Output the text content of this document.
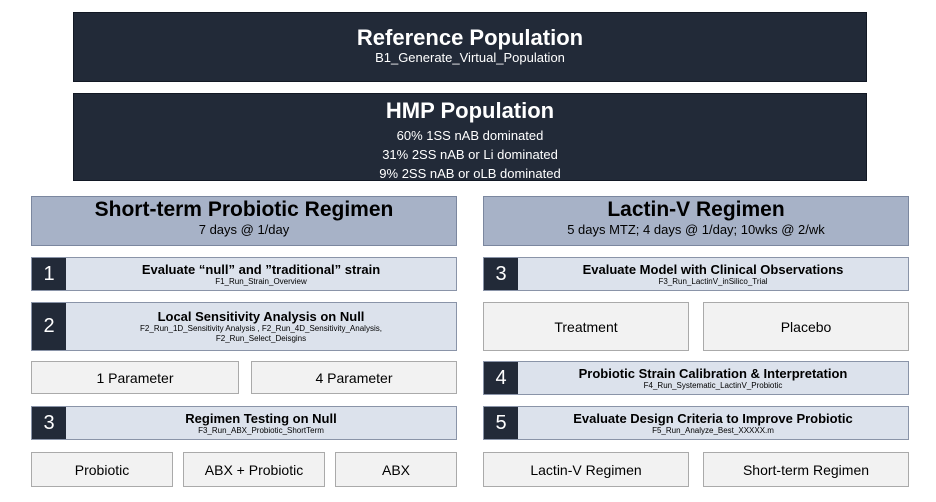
Reference Population
B1_Generate_Virtual_Population
HMP Population
60% 1SS nAB dominated
31% 2SS nAB or Li dominated
9% 2SS nAB or oLB dominated
Short-term Probiotic Regimen
7 days @ 1/day
1	Evaluate “null” and ”traditional” strain
F1_Run_Strain_Overview
2	Local Sensitivity Analysis on Null
F2_Run_1D_Sensitivity Analysis , F2_Run_4D_Sensitivity_Analysis,
F2_Run_Select_Deisgins
1 Parameter	4 Parameter
3	Regimen Testing on Null
F3_Run_ABX_Probiotic_ShortTerm
Probiotic	ABX + Probiotic	ABX
Lactin-V Regimen
5 days MTZ; 4 days @ 1/day; 10wks @ 2/wk
3	Evaluate Model with Clinical Observations
F3_Run_LactinV_inSilico_Trial
Treatment	Placebo
4	Probiotic Strain Calibration & Interpretation
F4_Run_Systematic_LactinV_Probiotic
5	Evaluate Design Criteria to Improve Probiotic
F5_Run_Analyze_Best_XXXXX.m
Lactin-V Regimen	Short-term Regimen
